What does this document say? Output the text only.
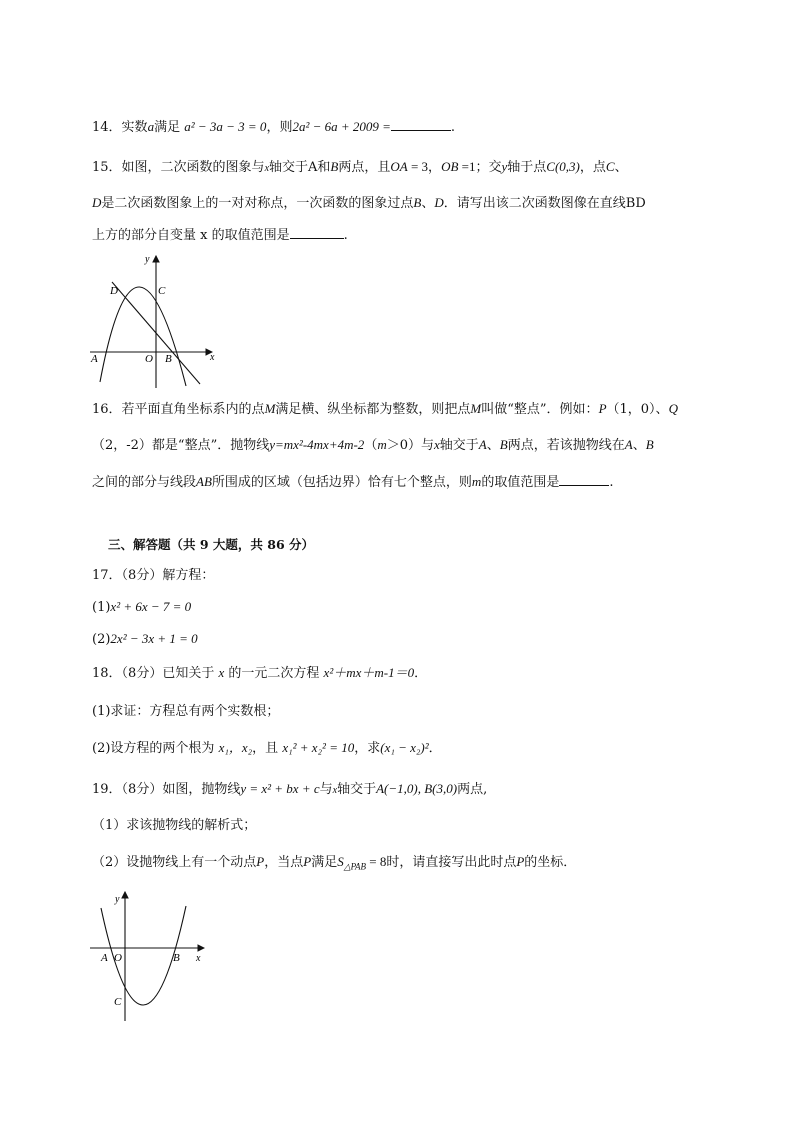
14．实数a满足 a² − 3a − 3 = 0，则2a² − 6a + 2009 =	.
15．如图，二次函数的图象与x轴交于A和B两点，且OA = 3，OB =1；交y轴于点C(0,3)，点C、
D是二次函数图象上的一对对称点，一次函数的图象过点B、D．请写出该二次函数图像在直线BD
上方的部分自变量 x 的取值范围是	.
y
x
D	C
A	O B
16．若平面直角坐标系内的点M满足横、纵坐标都为整数，则把点M叫做“整点”．例如：P（1，0）、Q
（2，-2）都是“整点”．抛物线y=mx²-4mx+4m-2（m＞0）与x轴交于A、B两点，若该抛物线在A、B
之间的部分与线段AB所围成的区域（包括边界）恰有七个整点，则m的取值范围是	.
三、解答题（共 9 大题，共 86 分）
17．（8分）解方程：
(1)x² + 6x − 7 = 0
(2)2x² − 3x + 1 = 0
18．（8分）已知关于 x 的一元二次方程 x²＋mx＋m-1＝0．
(1)求证：方程总有两个实数根；
(2)设方程的两个根为 x₁，x₂，且 x₁² + x₂² = 10，求(x₁ − x₂)²．
19．（8分）如图，抛物线y = x² + bx + c与x轴交于A(−1,0), B(3,0)两点,
（1）求该抛物线的解析式；
（2）设抛物线上有一个动点P，当点P满足$S_{\triangle PAB} = 8$时，请直接写出此时点P的坐标．
y
x
A O	B
C
